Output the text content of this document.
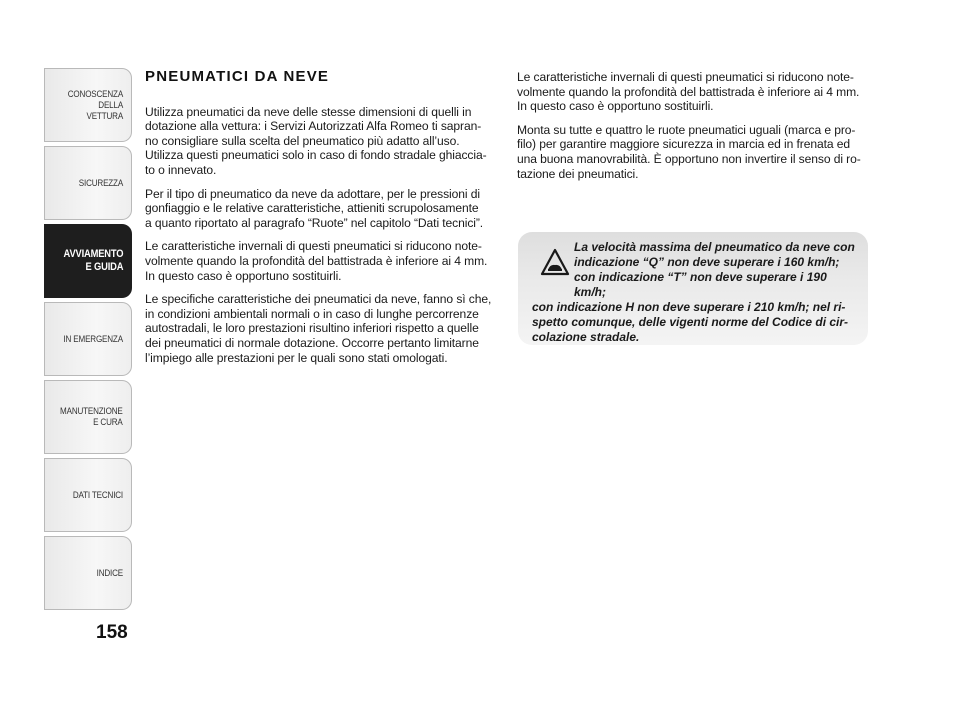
CONOSCENZA
DELLA
VETTURA
SICUREZZA
AVVIAMENTO
E GUIDA
IN EMERGENZA
MANUTENZIONE
E CURA
DATI TECNICI
INDICE
158
PNEUMATICI DA NEVE

Utilizza pneumatici da neve delle stesse dimensioni di quelli in
dotazione alla vettura: i Servizi Autorizzati Alfa Romeo ti sapran-
no consigliare sulla scelta del pneumatico più adatto all’uso.

Utilizza questi pneumatici solo in caso di fondo stradale ghiaccia-
to o innevato.

Per il tipo di pneumatico da neve da adottare, per le pressioni di
gonfiaggio e le relative caratteristiche, attieniti scrupolosamente
a quanto riportato al paragrafo “Ruote” nel capitolo “Dati tecnici”.

Le caratteristiche invernali di questi pneumatici si riducono note-
volmente quando la profondità del battistrada è inferiore ai 4 mm.
In questo caso è opportuno sostituirli.

Le specifiche caratteristiche dei pneumatici da neve, fanno sì che,
in condizioni ambientali normali o in caso di lunghe percorrenze
autostradali, le loro prestazioni risultino inferiori rispetto a quelle
dei pneumatici di normale dotazione. Occorre pertanto limitarne
l’impiego alle prestazioni per le quali sono stati omologati.

Le caratteristiche invernali di questi pneumatici si riducono note-
volmente quando la profondità del battistrada è inferiore ai 4 mm.
In questo caso è opportuno sostituirli.

Monta su tutte e quattro le ruote pneumatici uguali (marca e pro-
filo) per garantire maggiore sicurezza in marcia ed in frenata ed
una buona manovrabilità. È opportuno non invertire il senso di ro-
tazione dei pneumatici.

La velocità massima del pneumatico da neve con
indicazione “Q” non deve superare i 160 km/h;
con indicazione “T” non deve superare i 190 km/h;
con indicazione H non deve superare i 210 km/h; nel ri-
spetto comunque, delle vigenti norme del Codice di cir-
colazione stradale.
